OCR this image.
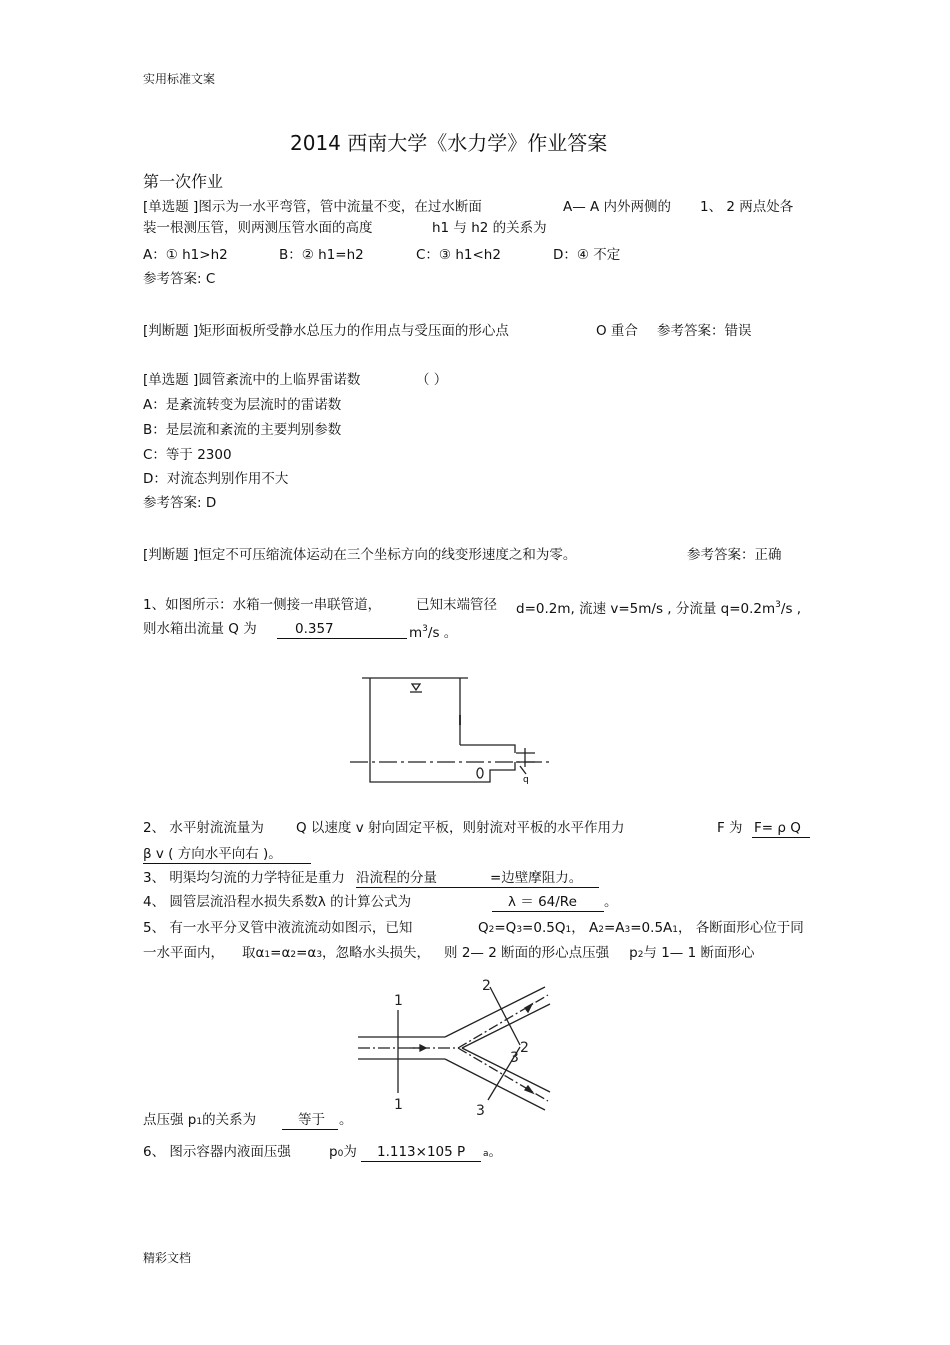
实用标准文案
2014 西南大学《水力学》作业答案
第一次作业
[单选题 ]图示为一水平弯管，管中流量不变，在过水断面	A— A 内外两侧的 1、 2 两点处各
装一根测压管，则两测压管水面的高度	h1 与 h2 的关系为
A：① h1>h2	B：② h1=h2	C：③ h1<h2	D：④ 不定
参考答案: C
[判断题 ]矩形面板所受静水总压力的作用点与受压面的形心点	O 重合 参考答案：错误
[单选题 ]圆管紊流中的上临界雷诺数	（ ）
A：是紊流转变为层流时的雷诺数
B：是层流和紊流的主要判别参数
C：等于 2300
D：对流态判别作用不大
参考答案: D
[判断题 ]恒定不可压缩流体运动在三个坐标方向的线变形速度之和为零。	参考答案：正确
1、如图所示：水箱一侧接一串联管道，	已知末端管径 d=0.2m, 流速 v=5m/s , 分流量 $q=0.2m^3/s$ ,
则水箱出流量 Q 为	0.357	$m^3/s$ 。
q
2、 水平射流流量为 Q 以速度 v 射向固定平板，则射流对平板的水平作用力	F 为 F= ρ Q
β v ( 方向水平向右 )。
3、 明渠均匀流的力学特征是重力 沿流程的分量	=边壁摩阻力。
4、 圆管层流沿程水损失系数λ 的计算公式为	λ ＝ 64/Re 。
5、 有一水平分叉管中液流流动如图示，已知	Q2=Q3=0.5Q1， A2=A3=0.5A1， 各断面形心位于同
一水平面内， 取α1=α2=α3，忽略水头损失， 则 2— 2 断面的形心点压强 p2与 1— 1 断面形心
1
1
2
2
3
3
点压强 p1的关系为	等于 。
6、 图示容器内液面压强	p0为 1.113×105 P a。
精彩文档
